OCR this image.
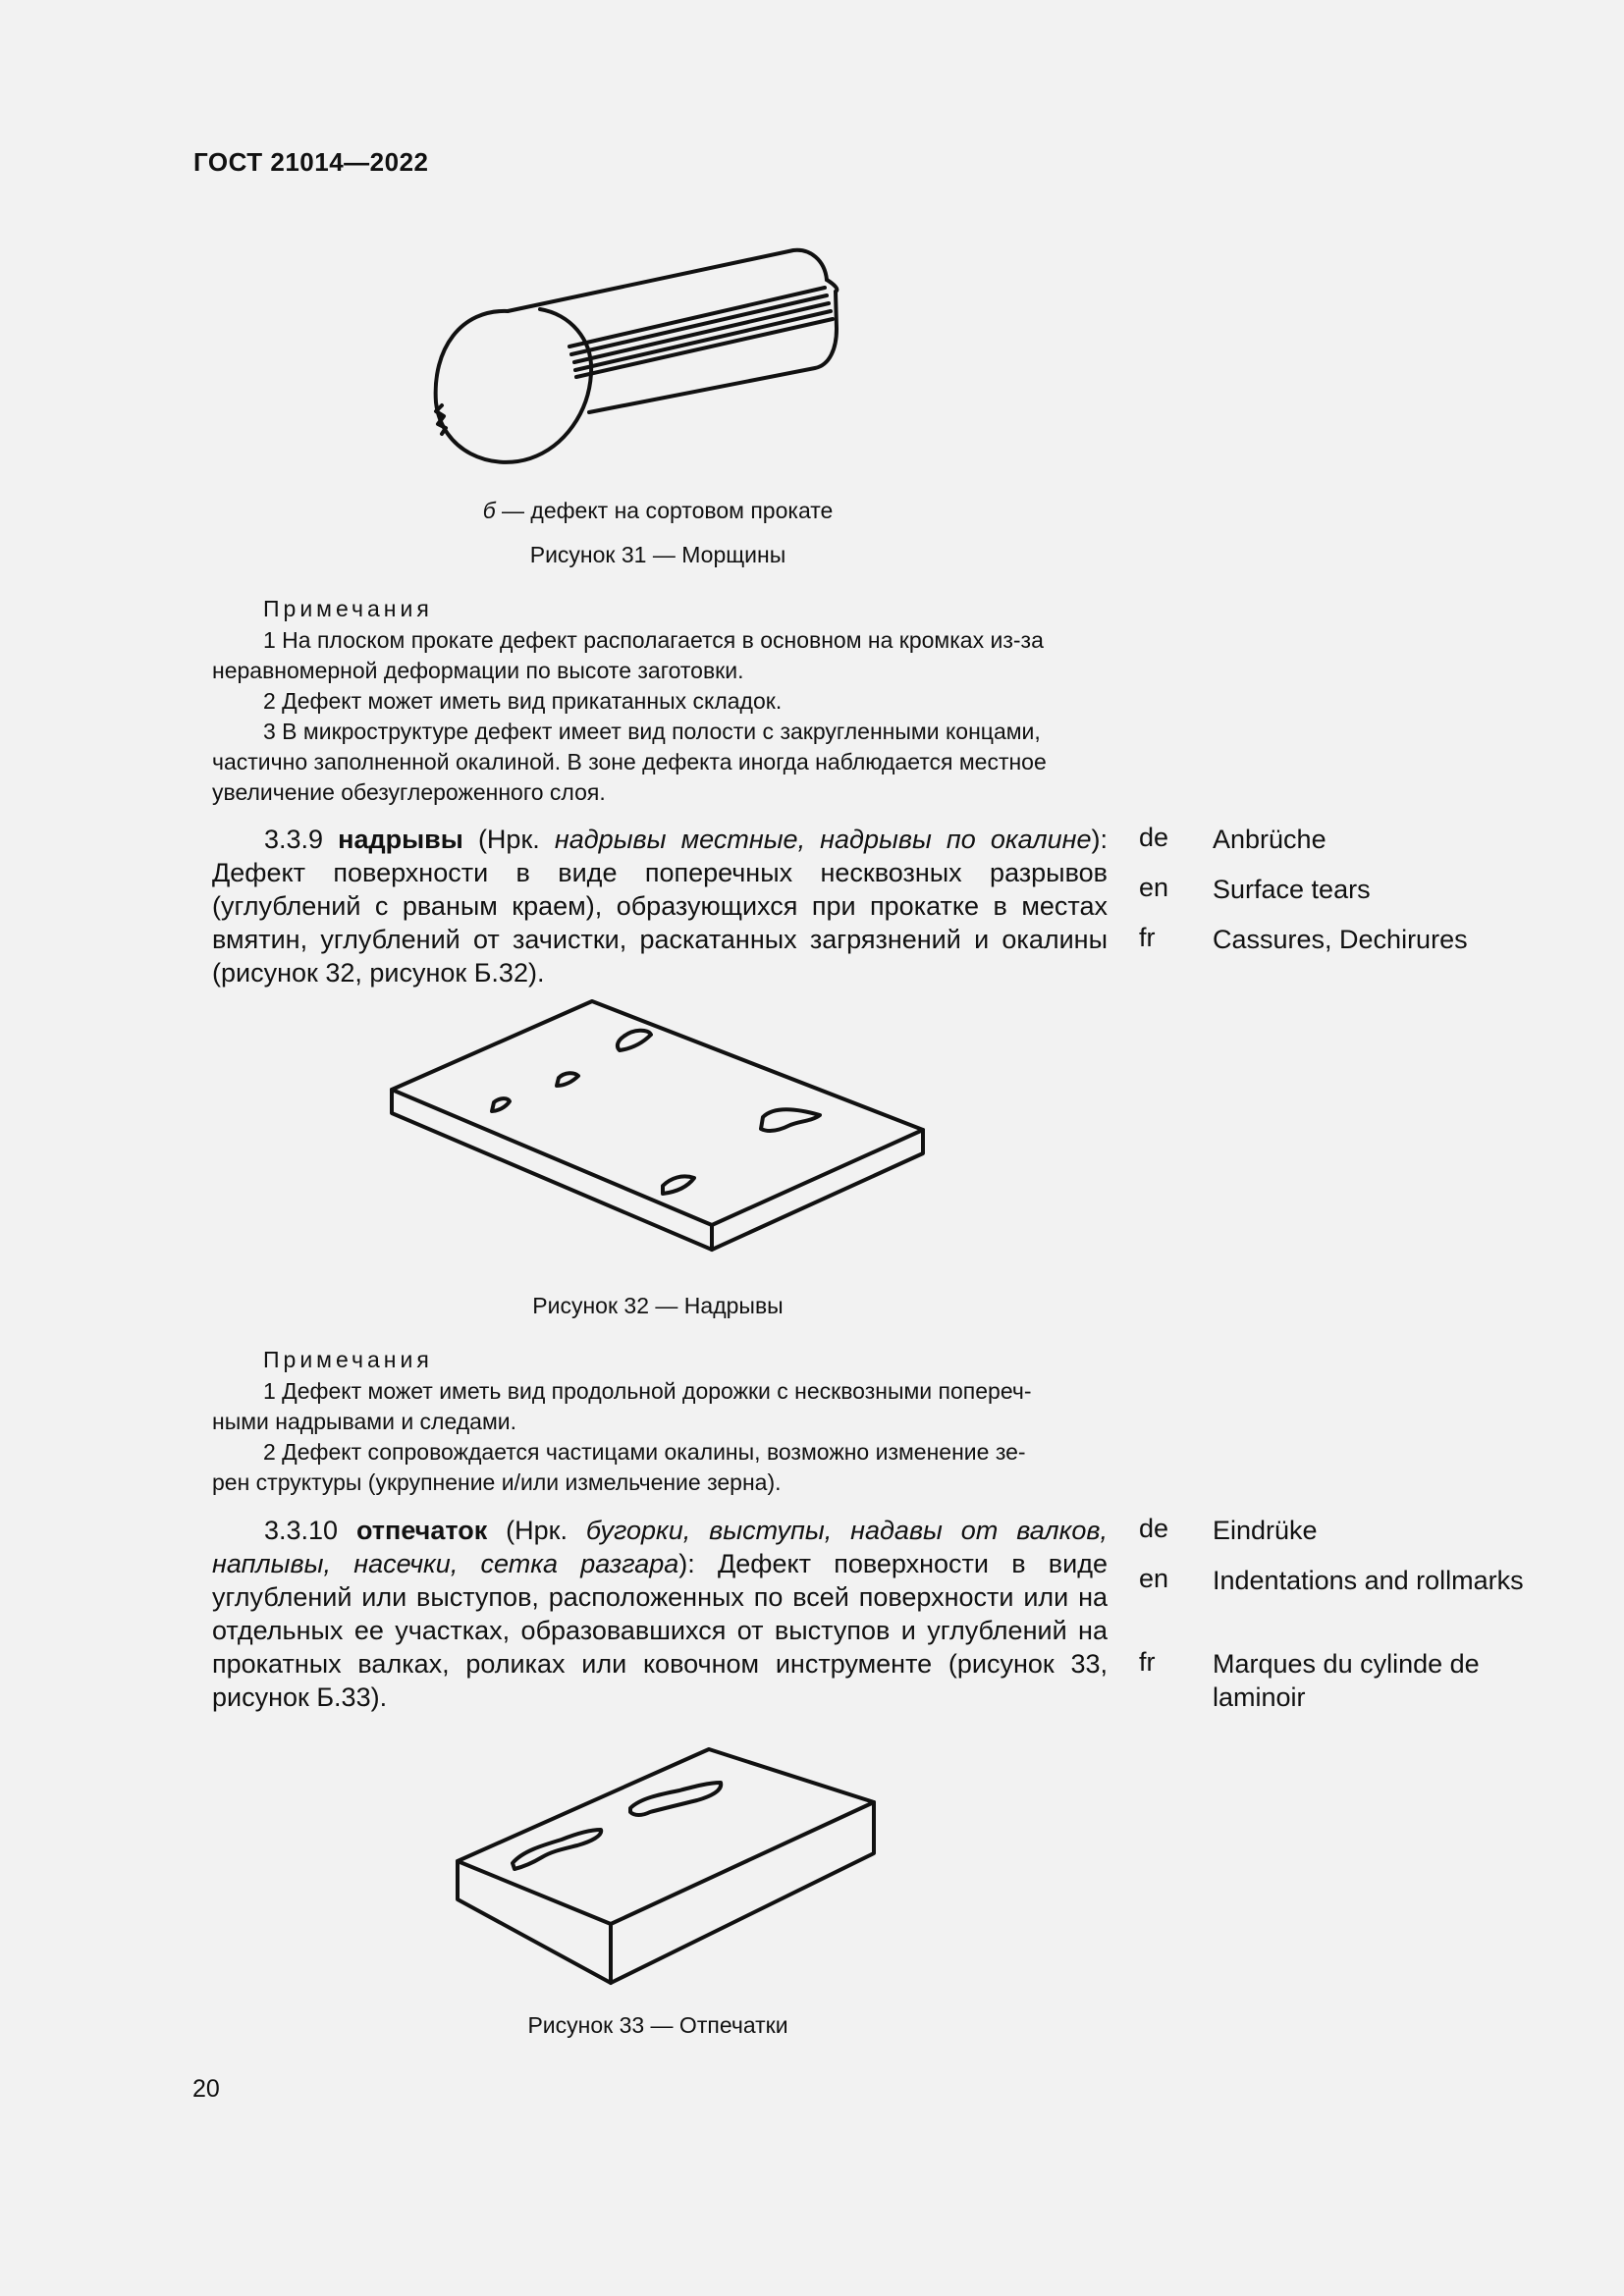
ГОСТ 21014—2022
б — дефект на сортовом прокате
Рисунок 31 — Морщины
Примечания
1 На плоском прокате дефект располагается в основном на кромках из-за
неравномерной деформации по высоте заготовки.
2 Дефект может иметь вид прикатанных складок.
3 В микроструктуре дефект имеет вид полости с закругленными концами,
частично заполненной окалиной. В зоне дефекта иногда наблюдается местное
увеличение обезуглероженного слоя.
3.3.9 надрывы (Нрк. надрывы местные, надрывы по окалине): Дефект поверхности в виде поперечных несквозных разрывов (углублений с рваным краем), образующихся при прокатке в местах вмятин, углублений от зачистки, раскатанных загрязнений и окалины (рисунок 32, рисунок Б.32).
de Anbrüche
en Surface tears
fr Cassures, Dechirures
Рисунок 32 — Надрывы
Примечания
1 Дефект может иметь вид продольной дорожки с несквозными попереч-
ными надрывами и следами.
2 Дефект сопровождается частицами окалины, возможно изменение зе-
рен структуры (укрупнение и/или измельчение зерна).
3.3.10 отпечаток (Нрк. бугорки, выступы, надавы от валков, наплывы, насечки, сетка разгара): Дефект поверхности в виде углублений или выступов, расположенных по всей поверхности или на отдельных ее участках, образовавшихся от выступов и углублений на прокатных валках, роликах или ковочном инструменте (рисунок 33, рисунок Б.33).
de Eindrüke
en Indentations and rollmarks
fr Marques du cylinde de laminoir
Рисунок 33 — Отпечатки
20
